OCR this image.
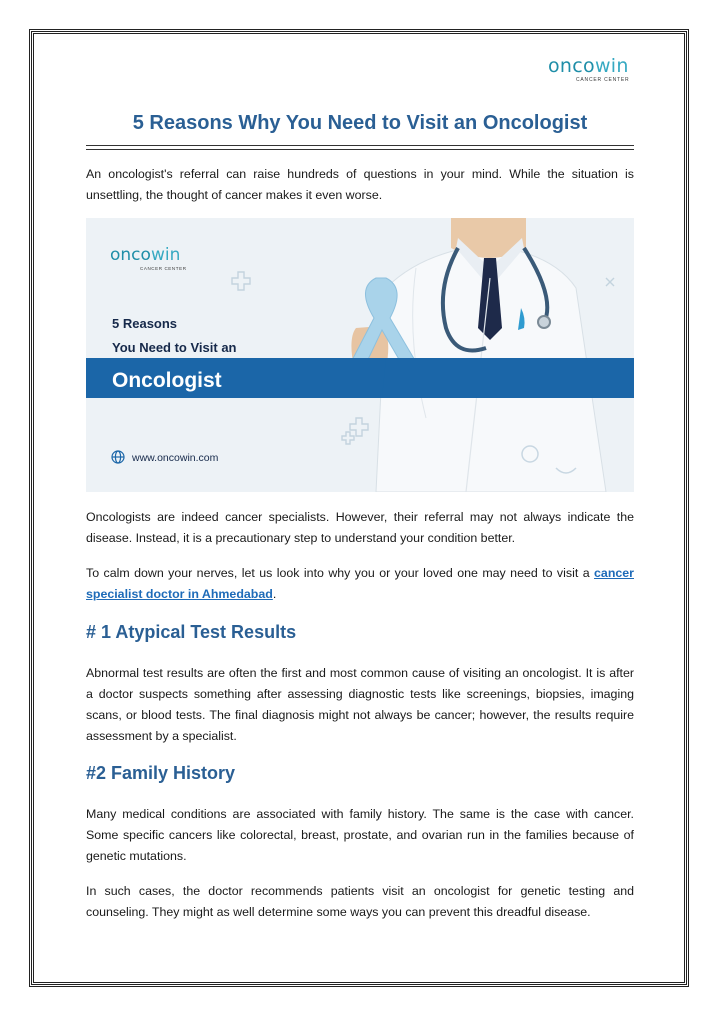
oncowin
CANCER CENTER
5 Reasons Why You Need to Visit an Oncologist

An oncologist's referral can raise hundreds of questions in your mind. While the situation is unsettling, the thought of cancer makes it even worse.

oncowin
CANCER CENTER
5 Reasons
You Need to Visit an
Oncologist
www.oncowin.com

Oncologists are indeed cancer specialists. However, their referral may not always indicate the disease. Instead, it is a precautionary step to understand your condition better.

To calm down your nerves, let us look into why you or your loved one may need to visit a cancer specialist doctor in Ahmedabad.

# 1 Atypical Test Results

Abnormal test results are often the first and most common cause of visiting an oncologist. It is after a doctor suspects something after assessing diagnostic tests like screenings, biopsies, imaging scans, or blood tests. The final diagnosis might not always be cancer; however, the results require assessment by a specialist.

#2 Family History

Many medical conditions are associated with family history. The same is the case with cancer. Some specific cancers like colorectal, breast, prostate, and ovarian run in the families because of genetic mutations.

In such cases, the doctor recommends patients visit an oncologist for genetic testing and counseling. They might as well determine some ways you can prevent this dreadful disease.
